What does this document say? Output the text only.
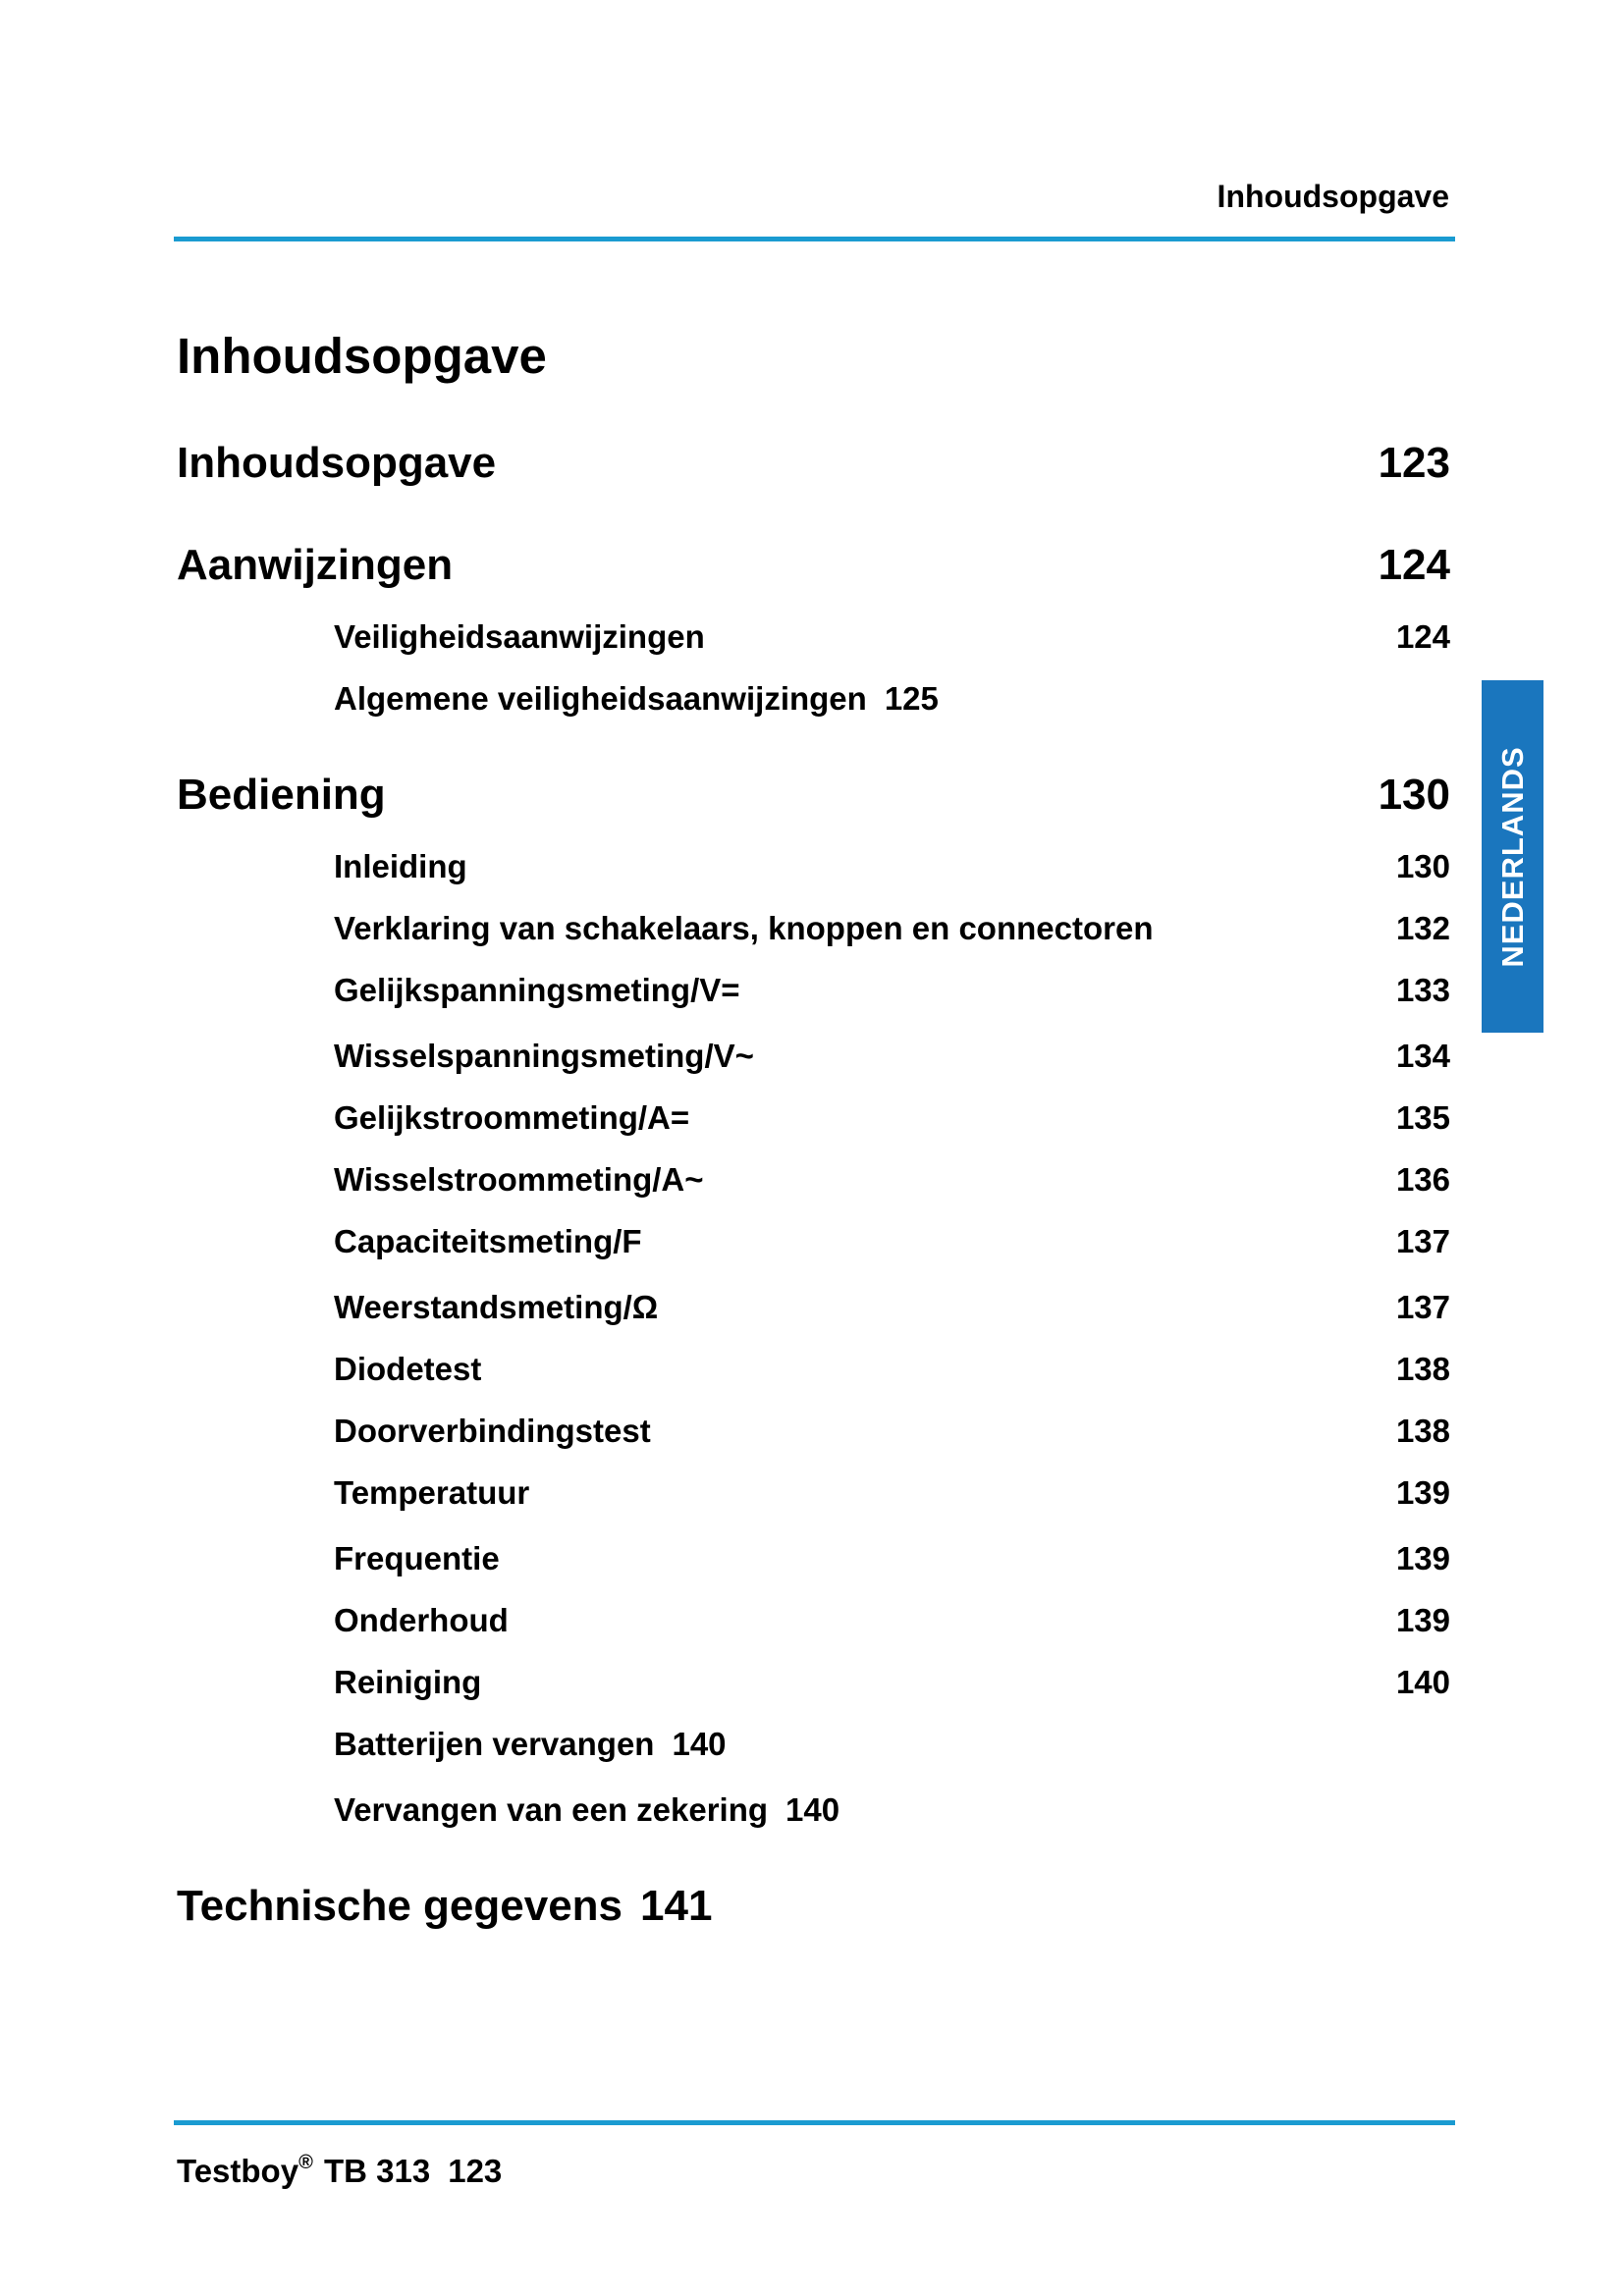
Inhoudsopgave
Inhoudsopgave
Inhoudsopgave	123
Aanwijzingen	124
Veiligheidsaanwijzingen	124
Algemene veiligheidsaanwijzingen 125
Bediening	130
Inleiding	130
Verklaring van schakelaars, knoppen en connectoren	132
Gelijkspanningsmeting/V=	133
Wisselspanningsmeting/V~	134
Gelijkstroommeting/A=	135
Wisselstroommeting/A~	136
Capaciteitsmeting/F	137
Weerstandsmeting/Ω	137
Diodetest	138
Doorverbindingstest	138
Temperatuur	139
Frequentie	139
Onderhoud	139
Reiniging	140
Batterijen vervangen 140
Vervangen van een zekering 140
Technische gegevens 141
NEDERLANDS
Testboy® TB 313 123
